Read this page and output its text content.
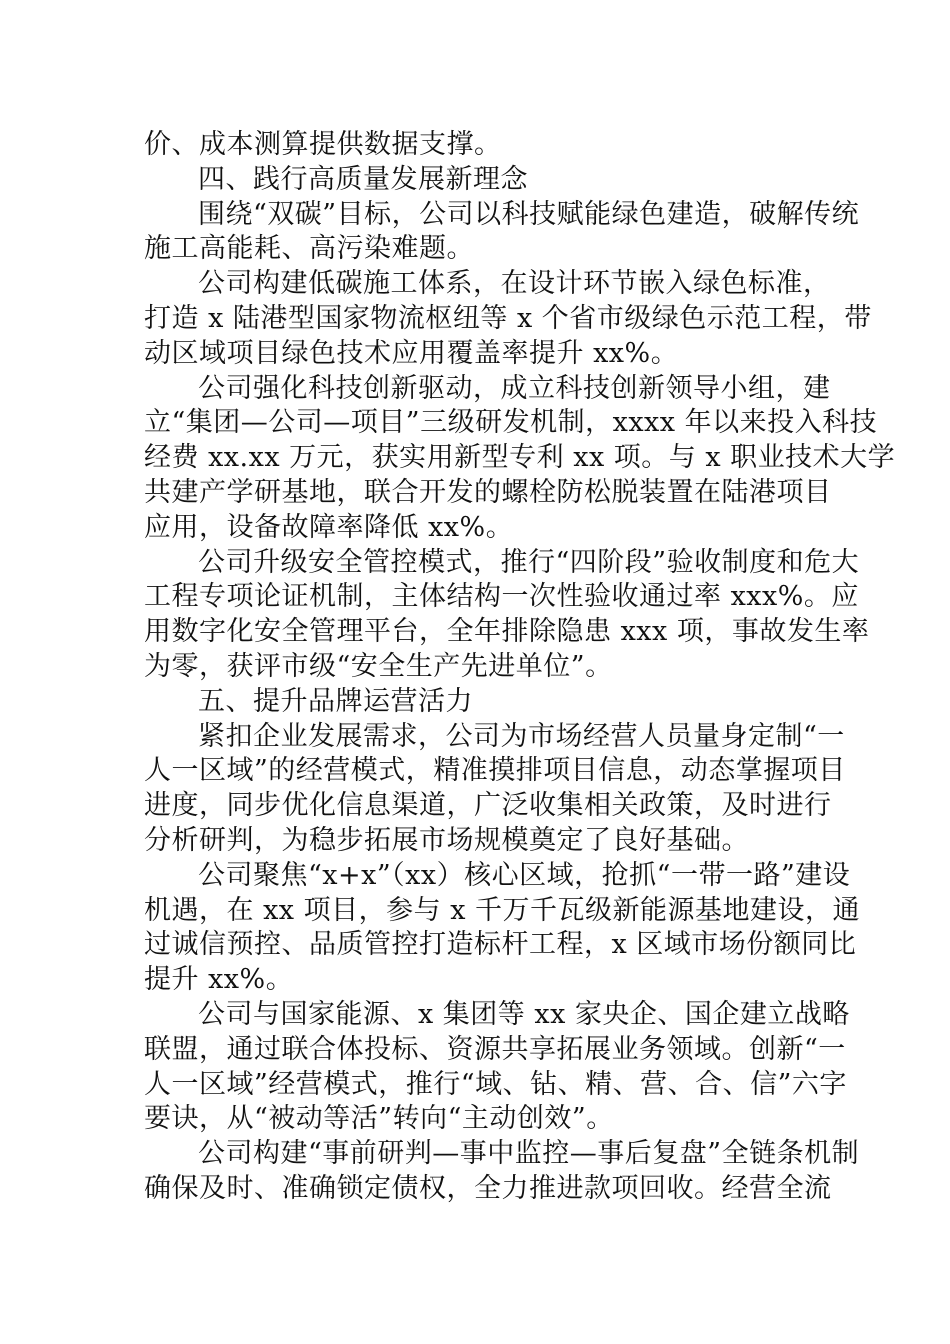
价、成本测算提供数据支撑。
四、践行高质量发展新理念
围绕“双碳”目标，公司以科技赋能绿色建造，破解传统
施工高能耗、高污染难题。
公司构建低碳施工体系，在设计环节嵌入绿色标准，
打造 x 陆港型国家物流枢纽等 x 个省市级绿色示范工程，带
动区域项目绿色技术应用覆盖率提升 xx%。
公司强化科技创新驱动，成立科技创新领导小组，建
立“集团—公司—项目”三级研发机制，xxxx 年以来投入科技
经费 xx.xx 万元，获实用新型专利 xx 项。与 x 职业技术大学
共建产学研基地，联合开发的螺栓防松脱装置在陆港项目
应用，设备故障率降低 xx%。
公司升级安全管控模式，推行“四阶段”验收制度和危大
工程专项论证机制，主体结构一次性验收通过率 xxx%。应
用数字化安全管理平台，全年排除隐患 xxx 项，事故发生率
为零，获评市级“安全生产先进单位”。
五、提升品牌运营活力
紧扣企业发展需求，公司为市场经营人员量身定制“一
人一区域”的经营模式，精准摸排项目信息，动态掌握项目
进度，同步优化信息渠道，广泛收集相关政策，及时进行
分析研判，为稳步拓展市场规模奠定了良好基础。
公司聚焦“x+x”（xx）核心区域，抢抓“一带一路”建设
机遇，在 xx 项目，参与 x 千万千瓦级新能源基地建设，通
过诚信预控、品质管控打造标杆工程，x 区域市场份额同比
提升 xx%。
公司与国家能源、x 集团等 xx 家央企、国企建立战略
联盟，通过联合体投标、资源共享拓展业务领域。创新“一
人一区域”经营模式，推行“域、钻、精、营、合、信”六字
要诀，从“被动等活”转向“主动创效”。
公司构建“事前研判—事中监控—事后复盘”全链条机制
确保及时、准确锁定债权，全力推进款项回收。经营全流
